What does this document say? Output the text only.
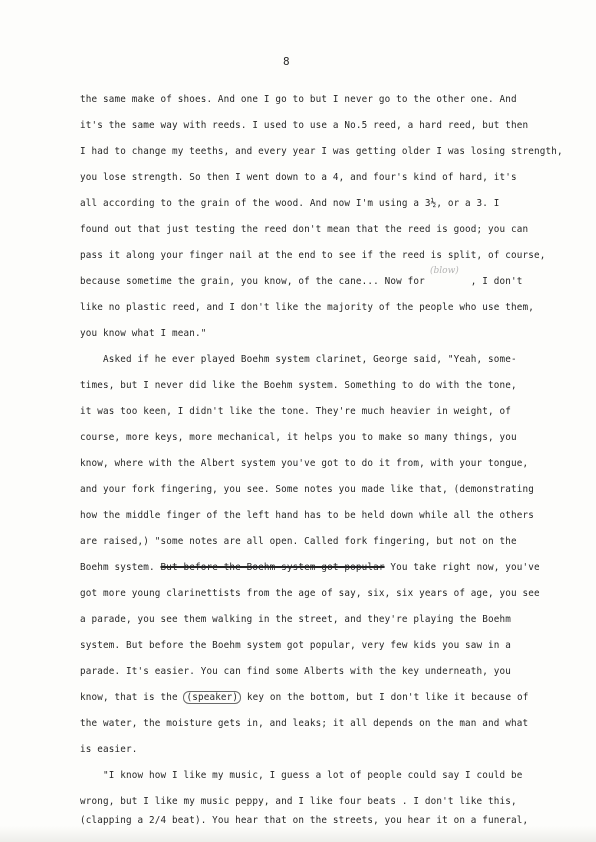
8
the same make of shoes. And one I go to but I never go to the other one. And
it's the same way with reeds. I used to use a No.5 reed, a hard reed, but then
I had to change my teeths, and every year I was getting older I was losing strength,
you lose strength. So then I went down to a 4, and four's kind of hard, it's
all according to the grain of the wood. And now I'm using a 3½, or a 3. I
found out that just testing the reed don't mean that the reed is good; you can
pass it along your finger nail at the end to see if the reed is split, of course,
because sometime the grain, you know, of the cane... Now for        , I don't
(blow)
like no plastic reed, and I don't like the majority of the people who use them,
you know what I mean."
Asked if he ever played Boehm system clarinet, George said, "Yeah, some-
times, but I never did like the Boehm system. Something to do with the tone,
it was too keen, I didn't like the tone. They're much heavier in weight, of
course, more keys, more mechanical, it helps you to make so many things, you
know, where with the Albert system you've got to do it from, with your tongue,
and your fork fingering, you see. Some notes you made like that, (demonstrating
how the middle finger of the left hand has to be held down while all the others
are raised,) "some notes are all open. Called fork fingering, but not on the
Boehm system. But before the Boehm system got popular You take right now, you've
got more young clarinettists from the age of say, six, six years of age, you see
a parade, you see them walking in the street, and they're playing the Boehm
system. But before the Boehm system got popular, very few kids you saw in a
parade. It's easier. You can find some Alberts with the key underneath, you
know, that is the (speaker) key on the bottom, but I don't like it because of
the water, the moisture gets in, and leaks; it all depends on the man and what
is easier.
"I know how I like my music, I guess a lot of people could say I could be
wrong, but I like my music peppy, and I like four beats . I don't like this,
(clapping a 2/4 beat). You hear that on the streets, you hear it on a funeral,
